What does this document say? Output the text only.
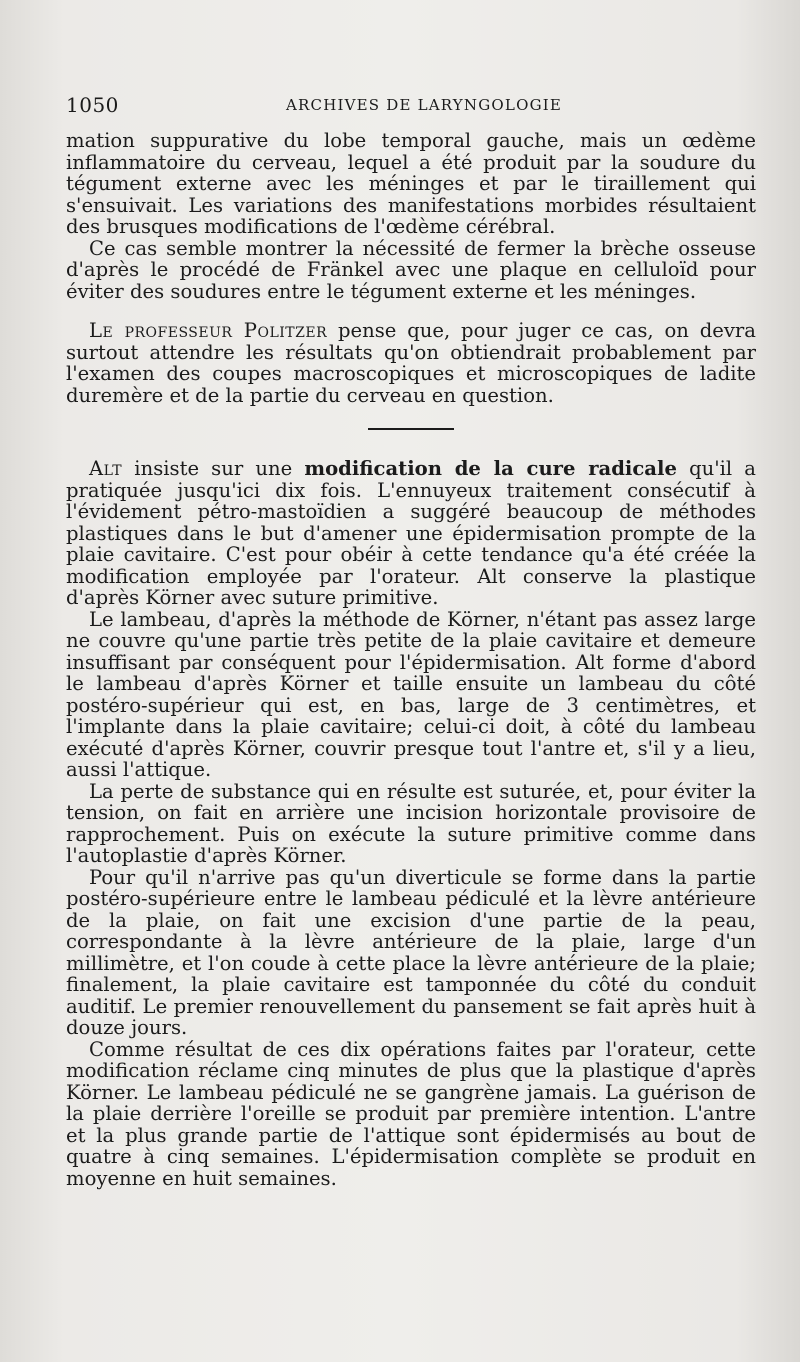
1050	ARCHIVES DE LARYNGOLOGIE

mation suppurative du lobe temporal gauche, mais un œdème inflammatoire du cerveau, lequel a été produit par la soudure du tégument externe avec les méninges et par le tiraillement qui s'ensuivait. Les variations des manifestations morbides résultaient des brusques modifications de l'œdème cérébral.

Ce cas semble montrer la nécessité de fermer la brèche osseuse d'après le procédé de Fränkel avec une plaque en celluloïd pour éviter des soudures entre le tégument externe et les méninges.

Le professeur Politzer pense que, pour juger ce cas, on devra surtout attendre les résultats qu'on obtiendrait probablement par l'examen des coupes macroscopiques et microscopiques de ladite duremère et de la partie du cerveau en question.

Alt insiste sur une modification de la cure radicale qu'il a pratiquée jusqu'ici dix fois. L'ennuyeux traitement consécutif à l'évidement pétro-mastoïdien a suggéré beaucoup de méthodes plastiques dans le but d'amener une épidermisation prompte de la plaie cavitaire. C'est pour obéir à cette tendance qu'a été créée la modification employée par l'orateur. Alt conserve la plastique d'après Körner avec suture primitive.

Le lambeau, d'après la méthode de Körner, n'étant pas assez large ne couvre qu'une partie très petite de la plaie cavitaire et demeure insuffisant par conséquent pour l'épidermisation. Alt forme d'abord le lambeau d'après Körner et taille ensuite un lambeau du côté postéro-supérieur qui est, en bas, large de 3 centimètres, et l'implante dans la plaie cavitaire; celui-ci doit, à côté du lambeau exécuté d'après Körner, couvrir presque tout l'antre et, s'il y a lieu, aussi l'attique.

La perte de substance qui en résulte est suturée, et, pour éviter la tension, on fait en arrière une incision horizontale provisoire de rapprochement. Puis on exécute la suture primitive comme dans l'autoplastie d'après Körner.

Pour qu'il n'arrive pas qu'un diverticule se forme dans la partie postéro-supérieure entre le lambeau pédiculé et la lèvre antérieure de la plaie, on fait une excision d'une partie de la peau, correspondante à la lèvre antérieure de la plaie, large d'un millimètre, et l'on coude à cette place la lèvre antérieure de la plaie; finalement, la plaie cavitaire est tamponnée du côté du conduit auditif. Le premier renouvellement du pansement se fait après huit à douze jours.

Comme résultat de ces dix opérations faites par l'orateur, cette modification réclame cinq minutes de plus que la plastique d'après Körner. Le lambeau pédiculé ne se gangrène jamais. La guérison de la plaie derrière l'oreille se produit par première intention. L'antre et la plus grande partie de l'attique sont épidermisés au bout de quatre à cinq semaines. L'épidermisation complète se produit en moyenne en huit semaines.
